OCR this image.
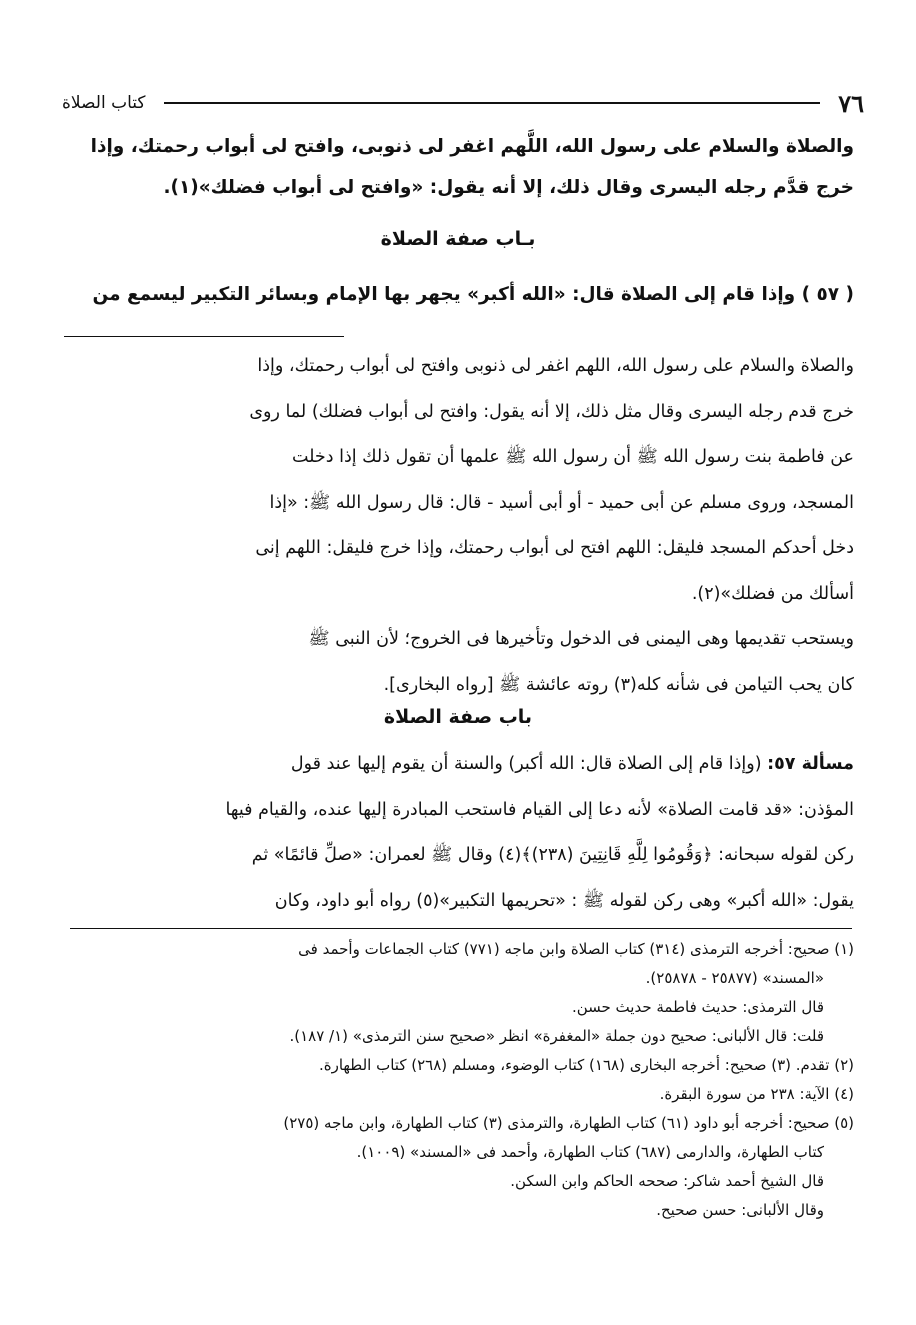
٧٦
كتاب الصلاة
والصلاة والسلام على رسول الله، اللَّهم اغفر لى ذنوبى، وافتح لى أبواب رحمتك، وإذا
خرج قدَّم رجله اليسرى وقال ذلك، إلا أنه يقول: «وافتح لى أبواب فضلك»(١).
بـاب صفة الصلاة
( ٥٧ ) وإذا قام إلى الصلاة قال: «الله أكبر» يجهر بها الإمام وبسائر التكبير ليسمع من
والصلاة والسلام على رسول الله، اللهم اغفر لى ذنوبى وافتح لى أبواب رحمتك، وإذا
خرج قدم رجله اليسرى وقال مثل ذلك، إلا أنه يقول: وافتح لى أبواب فضلك) لما روى
عن فاطمة بنت رسول الله ﷺ أن رسول الله ﷺ علمها أن تقول ذلك إذا دخلت
المسجد، وروى مسلم عن أبى حميد - أو أبى أسيد - قال: قال رسول الله ﷺ: «إذا
دخل أحدكم المسجد فليقل: اللهم افتح لى أبواب رحمتك، وإذا خرج فليقل: اللهم إنى
أسألك من فضلك»(٢).
ويستحب تقديمها وهى اليمنى فى الدخول وتأخيرها فى الخروج؛ لأن النبى ﷺ
كان يحب التيامن فى شأنه كله(٣) روته عائشة ﷺ [رواه البخارى].
باب صفة الصلاة
مسألة ٥٧: (وإذا قام إلى الصلاة قال: الله أكبر) والسنة أن يقوم إليها عند قول
المؤذن: «قد قامت الصلاة» لأنه دعا إلى القيام فاستحب المبادرة إليها عنده، والقيام فيها
ركن لقوله سبحانه: ﴿وَقُومُوا لِلَّهِ قَانِتِينَ (٢٣٨)﴾(٤) وقال ﷺ لعمران: «صلِّ قائمًا» ثم
يقول: «الله أكبر» وهى ركن لقوله ﷺ : «تحريمها التكبير»(٥) رواه أبو داود، وكان
(١) صحيح: أخرجه الترمذى (٣١٤) كتاب الصلاة وابن ماجه (٧٧١) كتاب الجماعات وأحمد فى
«المسند» (٢٥٨٧٧ - ٢٥٨٧٨).
قال الترمذى: حديث فاطمة حديث حسن.
قلت: قال الألبانى: صحيح دون جملة «المغفرة» انظر «صحيح سنن الترمذى» (١/ ١٨٧).
(٢) تقدم. (٣) صحيح: أخرجه البخارى (١٦٨) كتاب الوضوء، ومسلم (٢٦٨) كتاب الطهارة.
(٤) الآية: ٢٣٨ من سورة البقرة.
(٥) صحيح: أخرجه أبو داود (٦١) كتاب الطهارة، والترمذى (٣) كتاب الطهارة، وابن ماجه (٢٧٥)
كتاب الطهارة، والدارمى (٦٨٧) كتاب الطهارة، وأحمد فى «المسند» (١٠٠٩).
قال الشيخ أحمد شاكر: صححه الحاكم وابن السكن.
وقال الألبانى: حسن صحيح.
